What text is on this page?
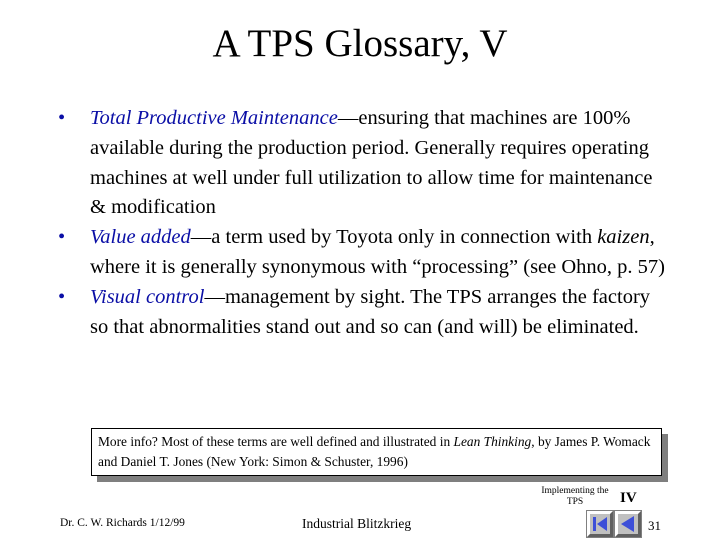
A TPS Glossary, V
• Total Productive Maintenance—ensuring that machines are 100% available during the production period. Generally requires operating machines at well under full utilization to allow time for maintenance & modification
• Value added—a term used by Toyota only in connection with kaizen, where it is generally synonymous with “processing” (see Ohno, p. 57)
• Visual control—management by sight. The TPS arranges the factory so that abnormalities stand out and so can (and will) be eliminated.
More info? Most of these terms are well defined and illustrated in Lean Thinking, by James P. Womack and Daniel T. Jones (New York: Simon & Schuster, 1996)
Dr. C. W. Richards 1/12/99	Industrial Blitzkrieg
Implementing the TPS	IV
31
